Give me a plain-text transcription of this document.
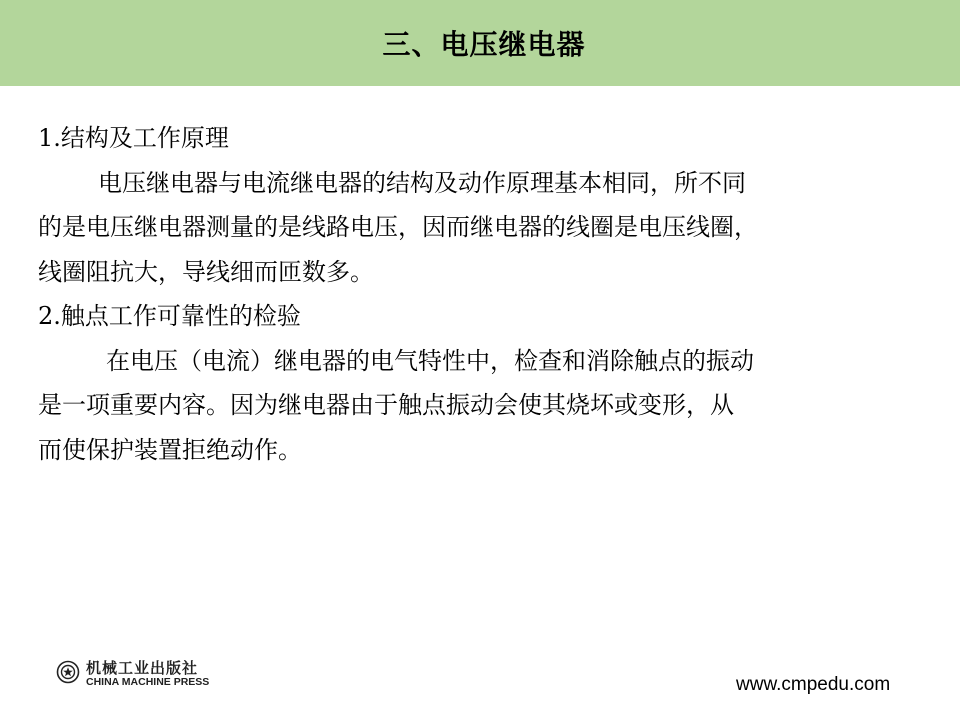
三、电压继电器

1.结构及工作原理

电压继电器与电流继电器的结构及动作原理基本相同，所不同

的是电压继电器测量的是线路电压，因而继电器的线圈是电压线圈，

线圈阻抗大，导线细而匝数多。

2.触点工作可靠性的检验

在电压（电流）继电器的电气特性中，检查和消除触点的振动

是一项重要内容。因为继电器由于触点振动会使其烧坏或变形，从

而使保护装置拒绝动作。

机械工业出版社
CHINA MACHINE PRESS	www.cmpedu.com
